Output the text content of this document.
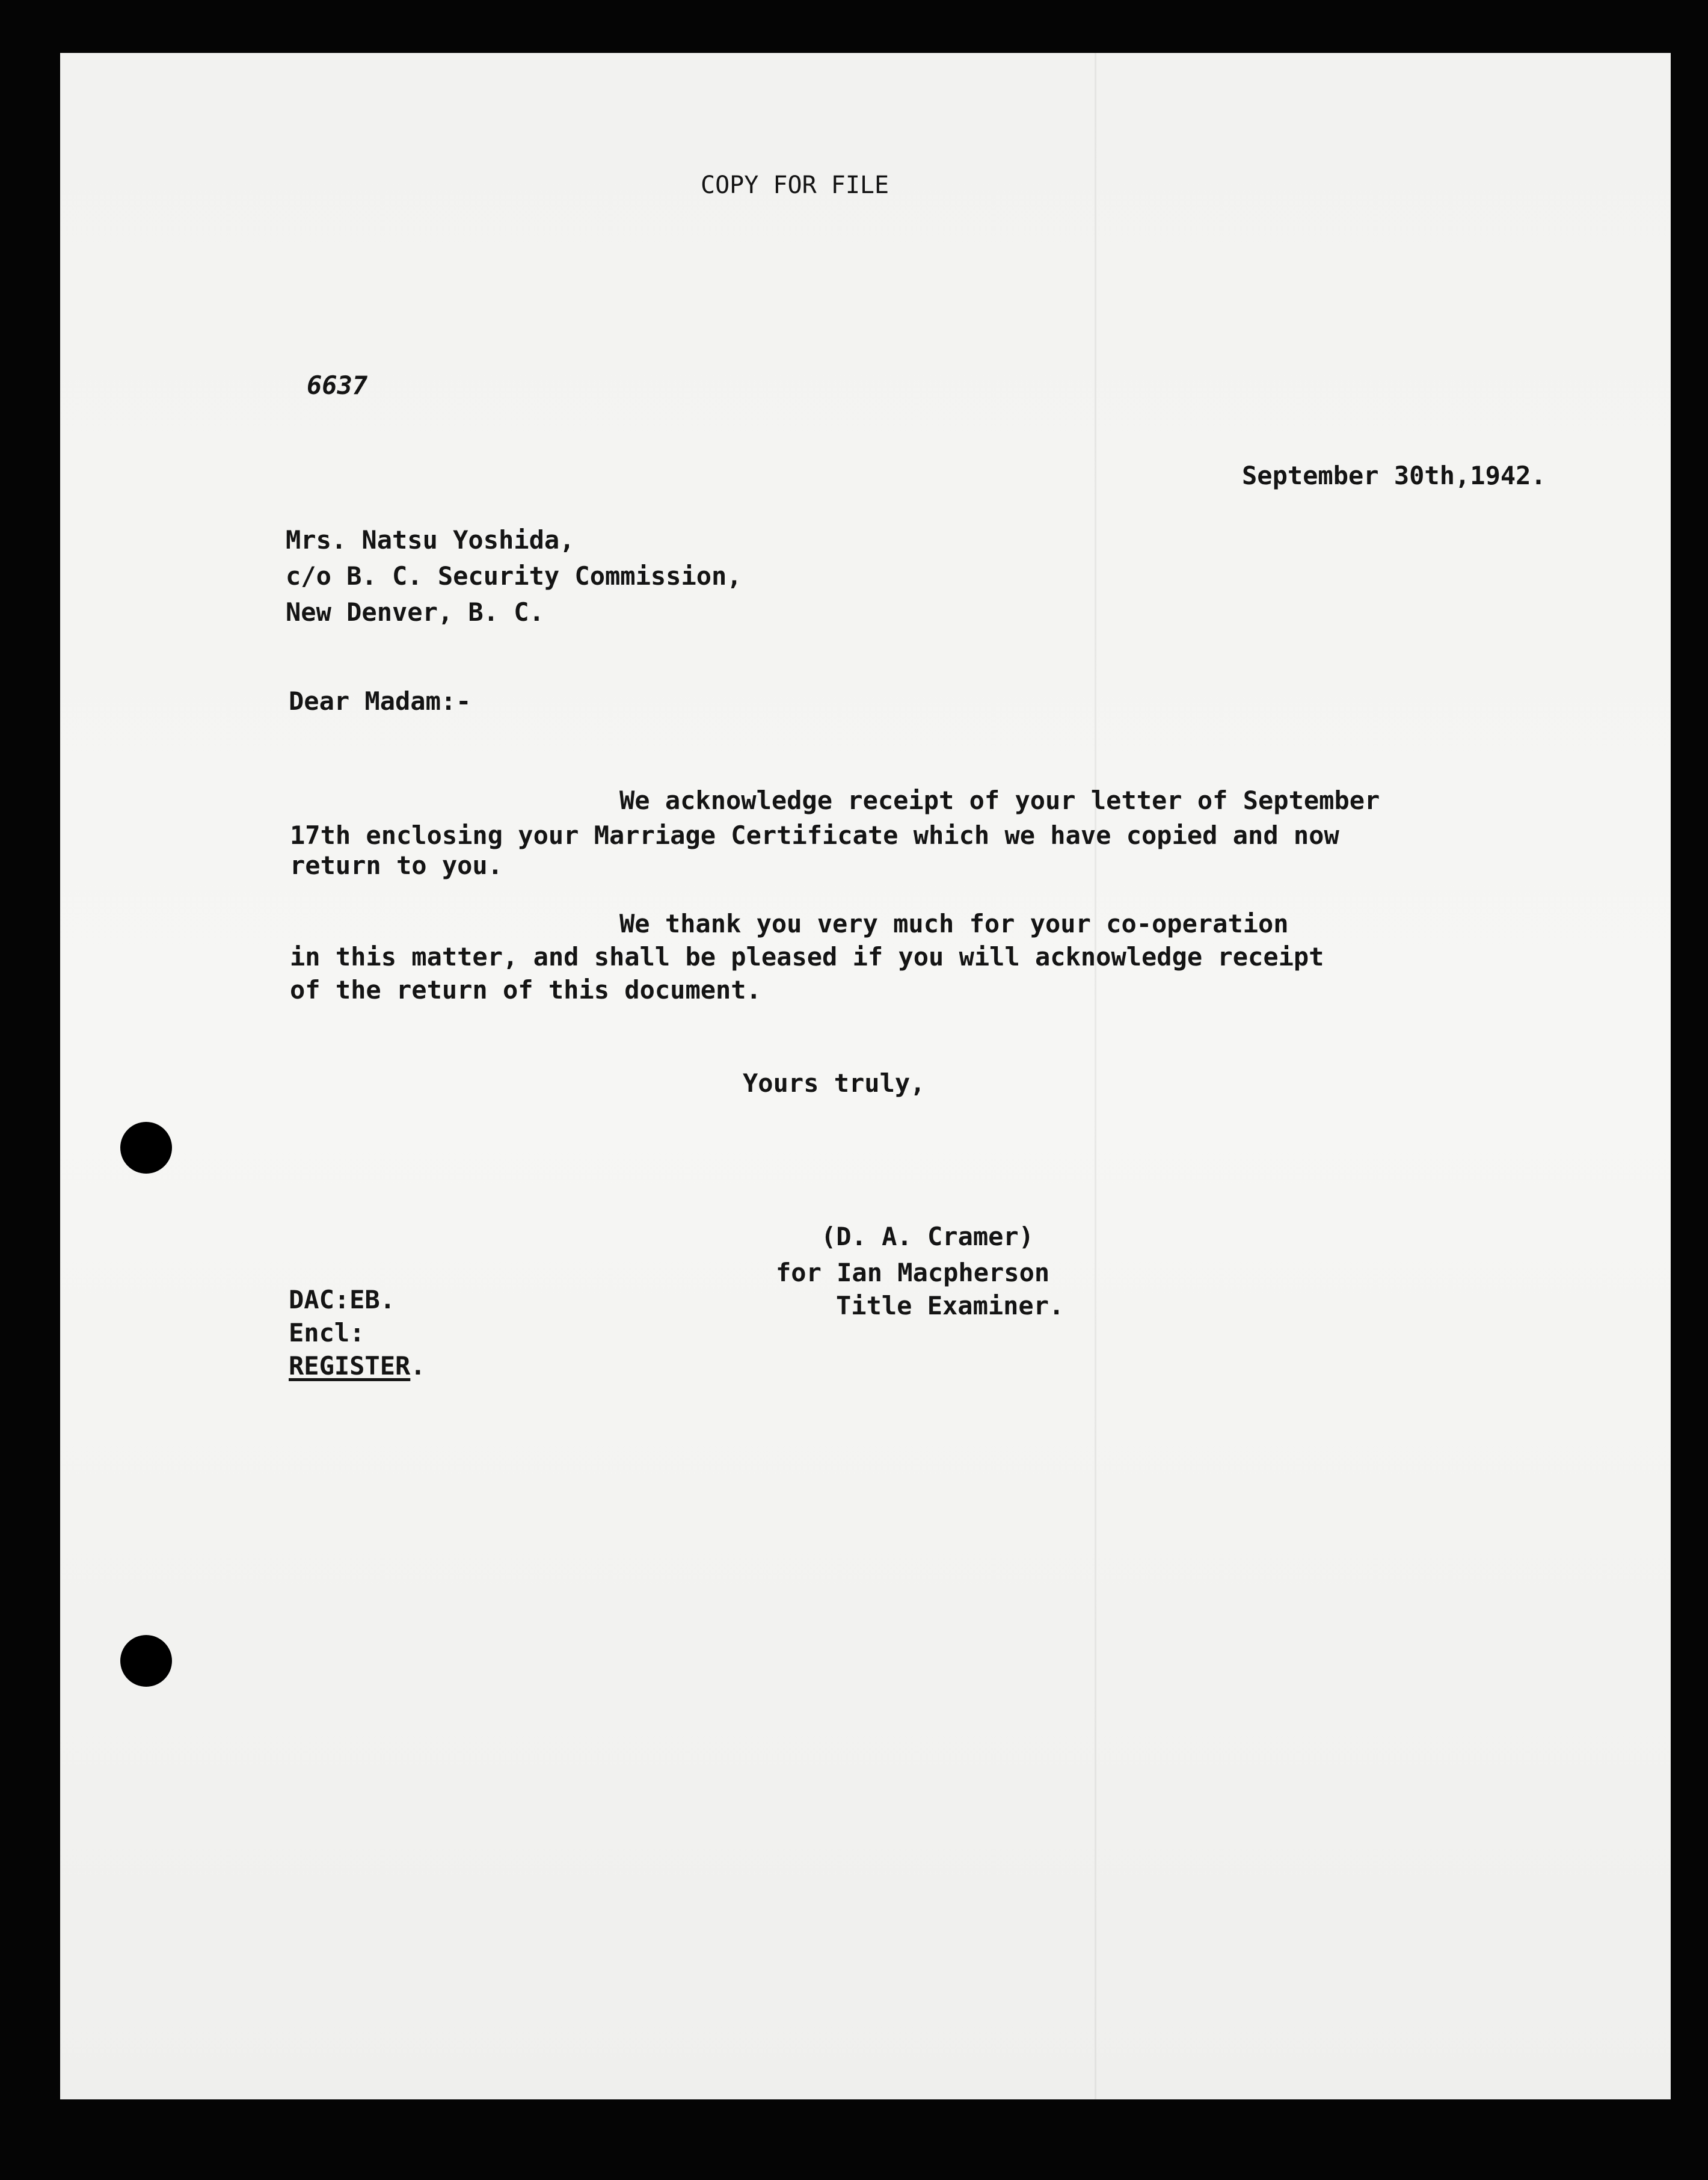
COPY FOR FILE
6637
September 30th,1942.
Mrs. Natsu Yoshida,
c/o B. C. Security Commission,
New Denver, B. C.
Dear Madam:-
We acknowledge receipt of your letter of September
17th enclosing your Marriage Certificate which we have copied and now
return to you.
We thank you very much for your co-operation
in this matter, and shall be pleased if you will acknowledge receipt
of the return of this document.
Yours truly,
(D. A. Cramer)
for Ian Macpherson
Title Examiner.
DAC:EB.
Encl:
REGISTER.
